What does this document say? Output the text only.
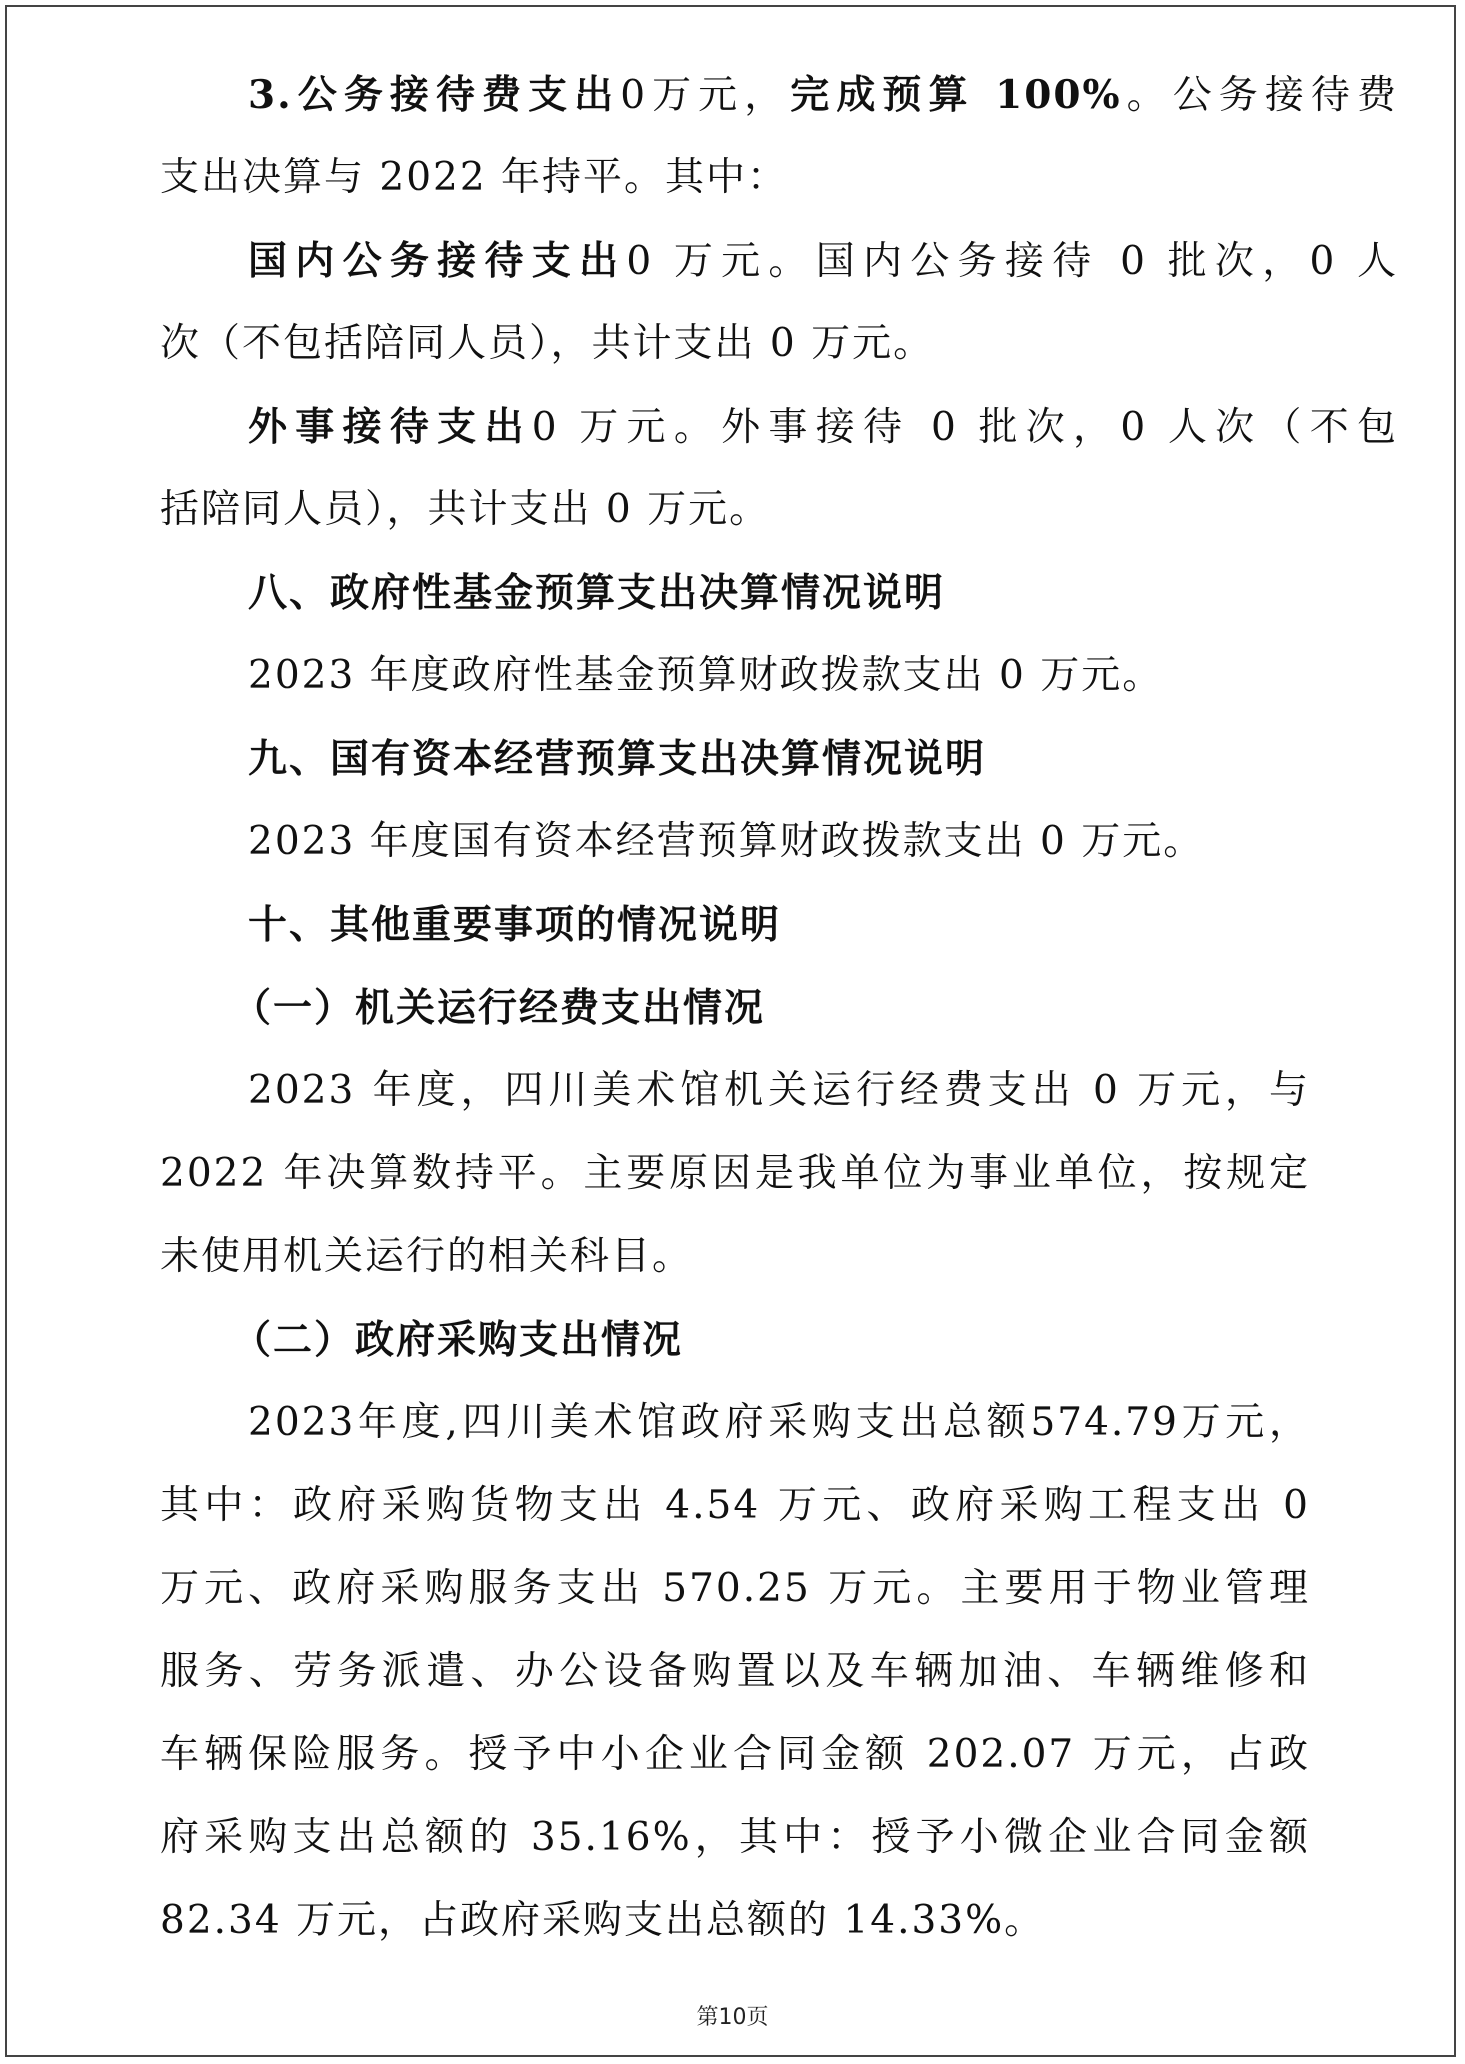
3.公务接待费支出0万元，完成预算 100%。公务接待费
支出决算与 2022 年持平。其中：
国内公务接待支出0 万元。国内公务接待 0 批次，0 人
次（不包括陪同人员），共计支出 0 万元。
外事接待支出0 万元。外事接待 0 批次，0 人次（不包
括陪同人员），共计支出 0 万元。
八、政府性基金预算支出决算情况说明
2023 年度政府性基金预算财政拨款支出 0 万元。
九、国有资本经营预算支出决算情况说明
2023 年度国有资本经营预算财政拨款支出 0 万元。
十、其他重要事项的情况说明
（一）机关运行经费支出情况
2023 年度，四川美术馆机关运行经费支出 0 万元，与
2022 年决算数持平。主要原因是我单位为事业单位，按规定
未使用机关运行的相关科目。
（二）政府采购支出情况
2023年度,四川美术馆政府采购支出总额574.79万元，
其中：政府采购货物支出 4.54 万元、政府采购工程支出 0
万元、政府采购服务支出 570.25 万元。主要用于物业管理
服务、劳务派遣、办公设备购置以及车辆加油、车辆维修和
车辆保险服务。授予中小企业合同金额 202.07 万元，占政
府采购支出总额的 35.16%，其中：授予小微企业合同金额
82.34 万元，占政府采购支出总额的 14.33%。
第10页
